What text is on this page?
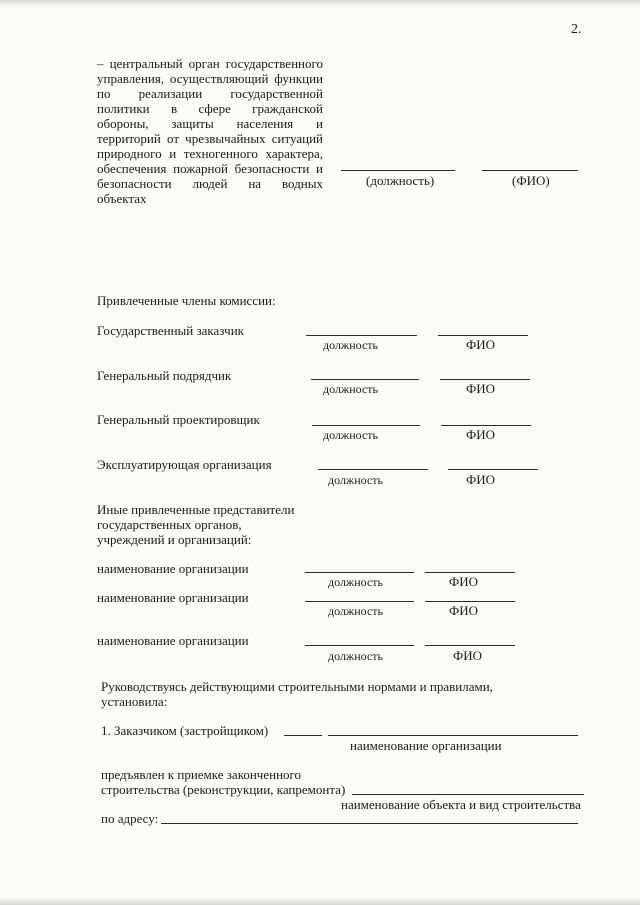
2.
– центральный орган государственного
управления, осуществляющий функции
по реализации государственной
политики в сфере гражданской
обороны, защиты населения и
территорий от чрезвычайных ситуаций
природного и техногенного характера,
обеспечения пожарной безопасности и
безопасности людей на водных
объектах
(должность)	(ФИО)
Привлеченные члены комиссии:
Государственный заказчик
должность	ФИО
Генеральный подрядчик
должность	ФИО
Генеральный проектировщик
должность	ФИО
Эксплуатирующая организация
должность	ФИО
Иные привлеченные представители
государственных органов,
учреждений и организаций:
наименование организации
должность	ФИО
наименование организации
должность	ФИО
наименование организации
должность	ФИО
Руководствуясь действующими строительными нормами и правилами,
установила:
1. Заказчиком (застройщиком)
наименование организации
предъявлен к приемке законченного
строительства (реконструкции, капремонта)
наименование объекта и вид строительства
по адресу:
